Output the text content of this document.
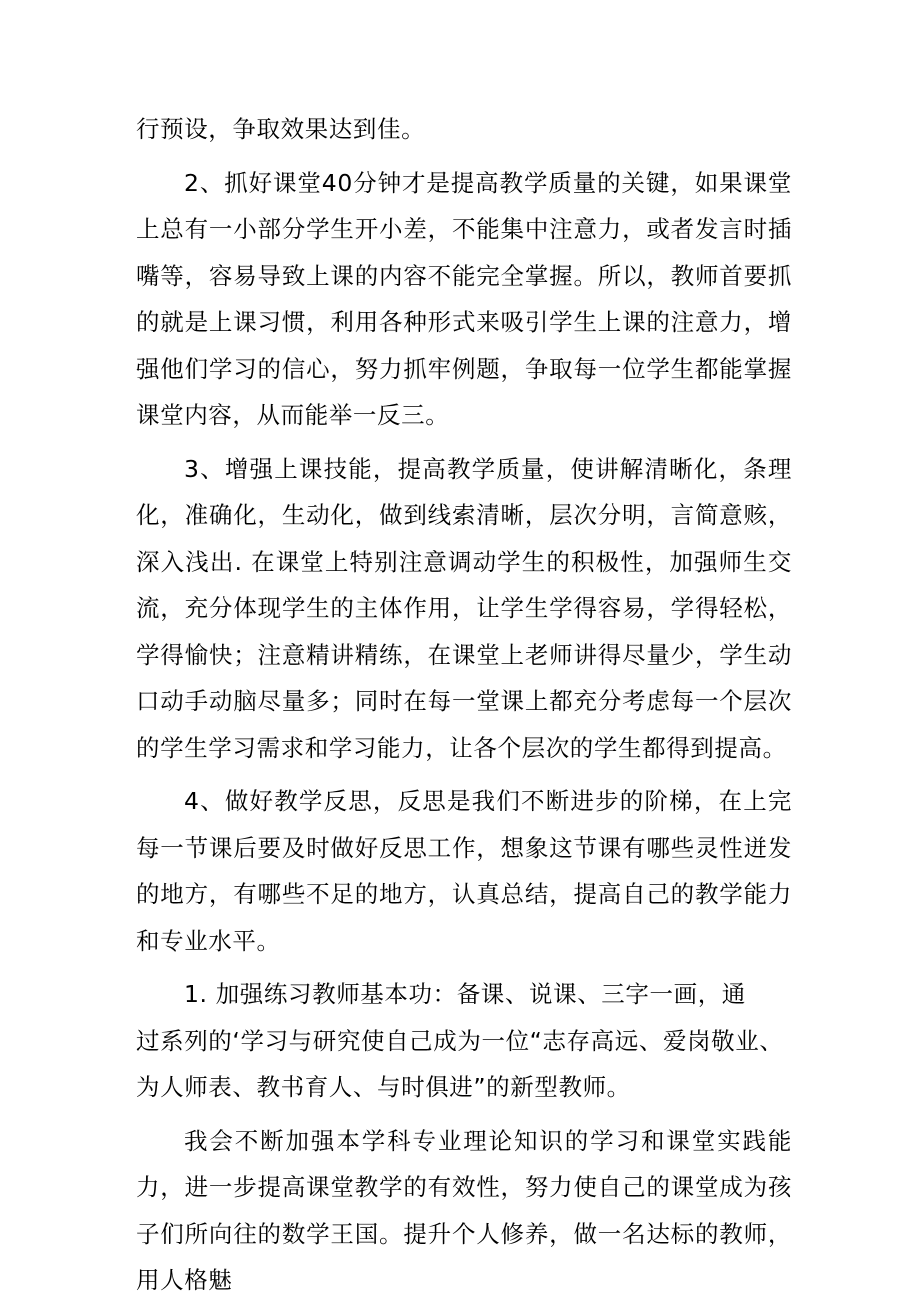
行预设，争取效果达到佳。

2、抓好课堂40分钟才是提高教学质量的关键，如果课堂上总有一小部分学生开小差，不能集中注意力，或者发言时插嘴等，容易导致上课的内容不能完全掌握。所以，教师首要抓的就是上课习惯，利用各种形式来吸引学生上课的注意力，增强他们学习的信心，努力抓牢例题，争取每一位学生都能掌握课堂内容，从而能举一反三。

3、增强上课技能，提高教学质量，使讲解清晰化，条理化，准确化，生动化，做到线索清晰，层次分明，言简意赅，深入浅出. 在课堂上特别注意调动学生的积极性，加强师生交流，充分体现学生的主体作用，让学生学得容易，学得轻松，学得愉快；注意精讲精练，在课堂上老师讲得尽量少，学生动口动手动脑尽量多；同时在每一堂课上都充分考虑每一个层次的学生学习需求和学习能力，让各个层次的学生都得到提高。

4、做好教学反思，反思是我们不断进步的阶梯，在上完每一节课后要及时做好反思工作，想象这节课有哪些灵性迸发的地方，有哪些不足的地方，认真总结，提高自己的教学能力和专业水平。

1. 加强练习教师基本功：备课、说课、三字一画，通
过系列的‘学习与研究使自己成为一位“志存高远、爱岗敬业、
为人师表、教书育人、与时俱进”的新型教师。

我会不断加强本学科专业理论知识的学习和课堂实践能力，进一步提高课堂教学的有效性，努力使自己的课堂成为孩子们所向往的数学王国。提升个人修养，做一名达标的教师，用人格魅
